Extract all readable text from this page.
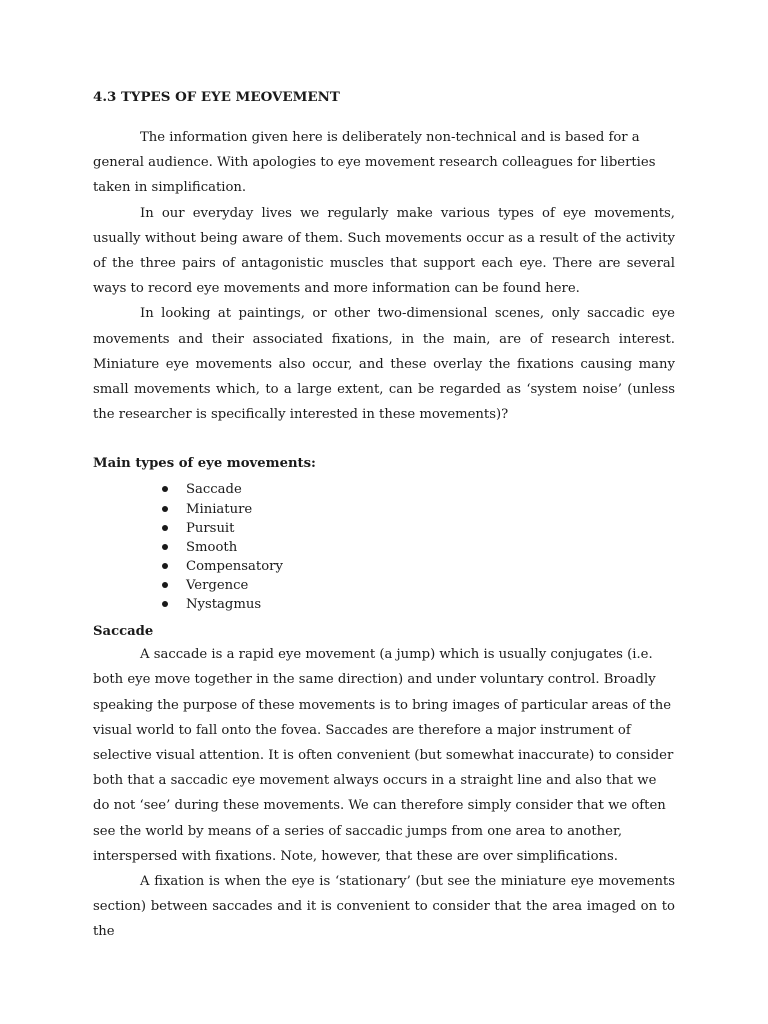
4.3 TYPES OF EYE MEOVEMENT

The information given here is deliberately non-technical and is based for a general audience. With apologies to eye movement research colleagues for liberties taken in simplification.

In our everyday lives we regularly make various types of eye movements, usually without being aware of them. Such movements occur as a result of the activity of the three pairs of antagonistic muscles that support each eye. There are several ways to record eye movements and more information can be found here.

In looking at paintings, or other two-dimensional scenes, only saccadic eye movements and their associated fixations, in the main, are of research interest. Miniature eye movements also occur, and these overlay the fixations causing many small movements which, to a large extent, can be regarded as ‘system noise’ (unless the researcher is specifically interested in these movements)?

Main types of eye movements:
Saccade
Miniature
Pursuit
Smooth
Compensatory
Vergence
Nystagmus
Saccade

A saccade is a rapid eye movement (a jump) which is usually conjugates (i.e. both eye move together in the same direction) and under voluntary control. Broadly speaking the purpose of these movements is to bring images of particular areas of the visual world to fall onto the fovea. Saccades are therefore a major instrument of selective visual attention. It is often convenient (but somewhat inaccurate) to consider both that a saccadic eye movement always occurs in a straight line and also that we do not ‘see’ during these movements. We can therefore simply consider that we often see the world by means of a series of saccadic jumps from one area to another, interspersed with fixations. Note, however, that these are over simplifications.

A fixation is when the eye is ‘stationary’ (but see the miniature eye movements section) between saccades and it is convenient to consider that the area imaged on to the
